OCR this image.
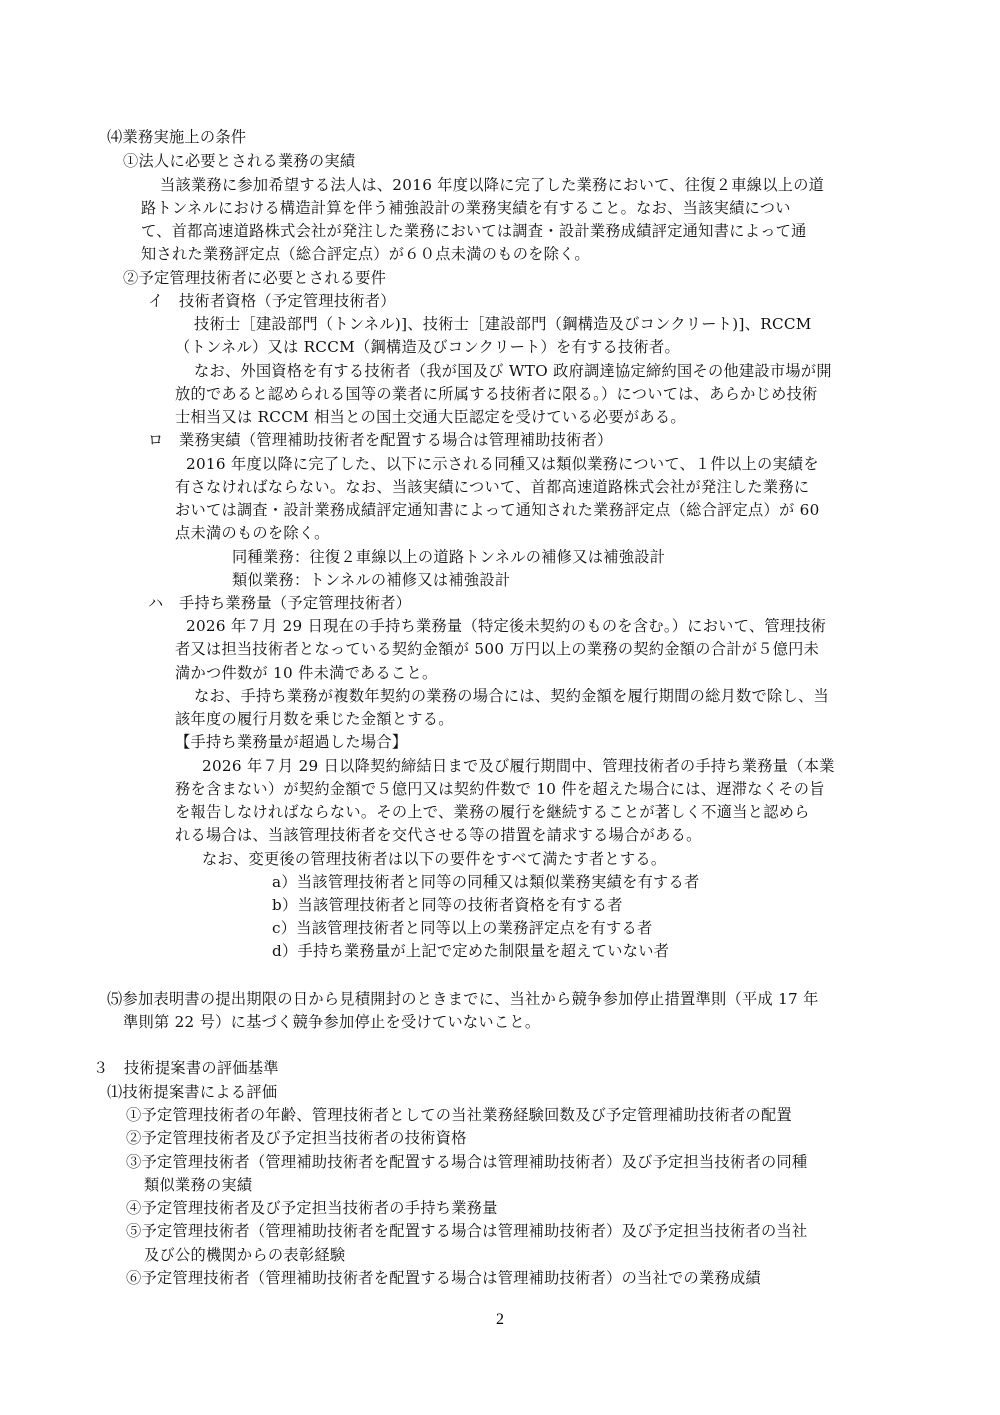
⑷業務実施上の条件
①法人に必要とされる業務の実績
当該業務に参加希望する法人は、2016 年度以降に完了した業務において、往復２車線以上の道
路トンネルにおける構造計算を伴う補強設計の業務実績を有すること。なお、当該実績につい
て、首都高速道路株式会社が発注した業務においては調査・設計業務成績評定通知書によって通
知された業務評定点（総合評定点）が６０点未満のものを除く。
②予定管理技術者に必要とされる要件
イ　技術者資格（予定管理技術者）
技術士［建設部門（トンネル)]、技術士［建設部門（鋼構造及びコンクリート)]、RCCM
（トンネル）又は RCCM（鋼構造及びコンクリート）を有する技術者。
なお、外国資格を有する技術者（我が国及び WTO 政府調達協定締約国その他建設市場が開
放的であると認められる国等の業者に所属する技術者に限る。）については、あらかじめ技術
士相当又は RCCM 相当との国土交通大臣認定を受けている必要がある。
ロ　業務実績（管理補助技術者を配置する場合は管理補助技術者）
2016 年度以降に完了した、以下に示される同種又は類似業務について、１件以上の実績を
有さなければならない。なお、当該実績について、首都高速道路株式会社が発注した業務に
おいては調査・設計業務成績評定通知書によって通知された業務評定点（総合評定点）が 60
点未満のものを除く。
同種業務：往復２車線以上の道路トンネルの補修又は補強設計
類似業務：トンネルの補修又は補強設計
ハ　手持ち業務量（予定管理技術者）
2026 年７月 29 日現在の手持ち業務量（特定後未契約のものを含む。）において、管理技術
者又は担当技術者となっている契約金額が 500 万円以上の業務の契約金額の合計が５億円未
満かつ件数が 10 件未満であること。
なお、手持ち業務が複数年契約の業務の場合には、契約金額を履行期間の総月数で除し、当
該年度の履行月数を乗じた金額とする。
【手持ち業務量が超過した場合】
2026 年７月 29 日以降契約締結日まで及び履行期間中、管理技術者の手持ち業務量（本業
務を含まない）が契約金額で５億円又は契約件数で 10 件を超えた場合には、遅滞なくその旨
を報告しなければならない。その上で、業務の履行を継続することが著しく不適当と認めら
れる場合は、当該管理技術者を交代させる等の措置を請求する場合がある。
なお、変更後の管理技術者は以下の要件をすべて満たす者とする。
a）当該管理技術者と同等の同種又は類似業務実績を有する者
b）当該管理技術者と同等の技術者資格を有する者
c）当該管理技術者と同等以上の業務評定点を有する者
d）手持ち業務量が上記で定めた制限量を超えていない者
⑸参加表明書の提出期限の日から見積開封のときまでに、当社から競争参加停止措置準則（平成 17 年
準則第 22 号）に基づく競争参加停止を受けていないこと。
３　技術提案書の評価基準
⑴技術提案書による評価
①予定管理技術者の年齢、管理技術者としての当社業務経験回数及び予定管理補助技術者の配置
②予定管理技術者及び予定担当技術者の技術資格
③予定管理技術者（管理補助技術者を配置する場合は管理補助技術者）及び予定担当技術者の同種
類似業務の実績
④予定管理技術者及び予定担当技術者の手持ち業務量
⑤予定管理技術者（管理補助技術者を配置する場合は管理補助技術者）及び予定担当技術者の当社
及び公的機関からの表彰経験
⑥予定管理技術者（管理補助技術者を配置する場合は管理補助技術者）の当社での業務成績
2
